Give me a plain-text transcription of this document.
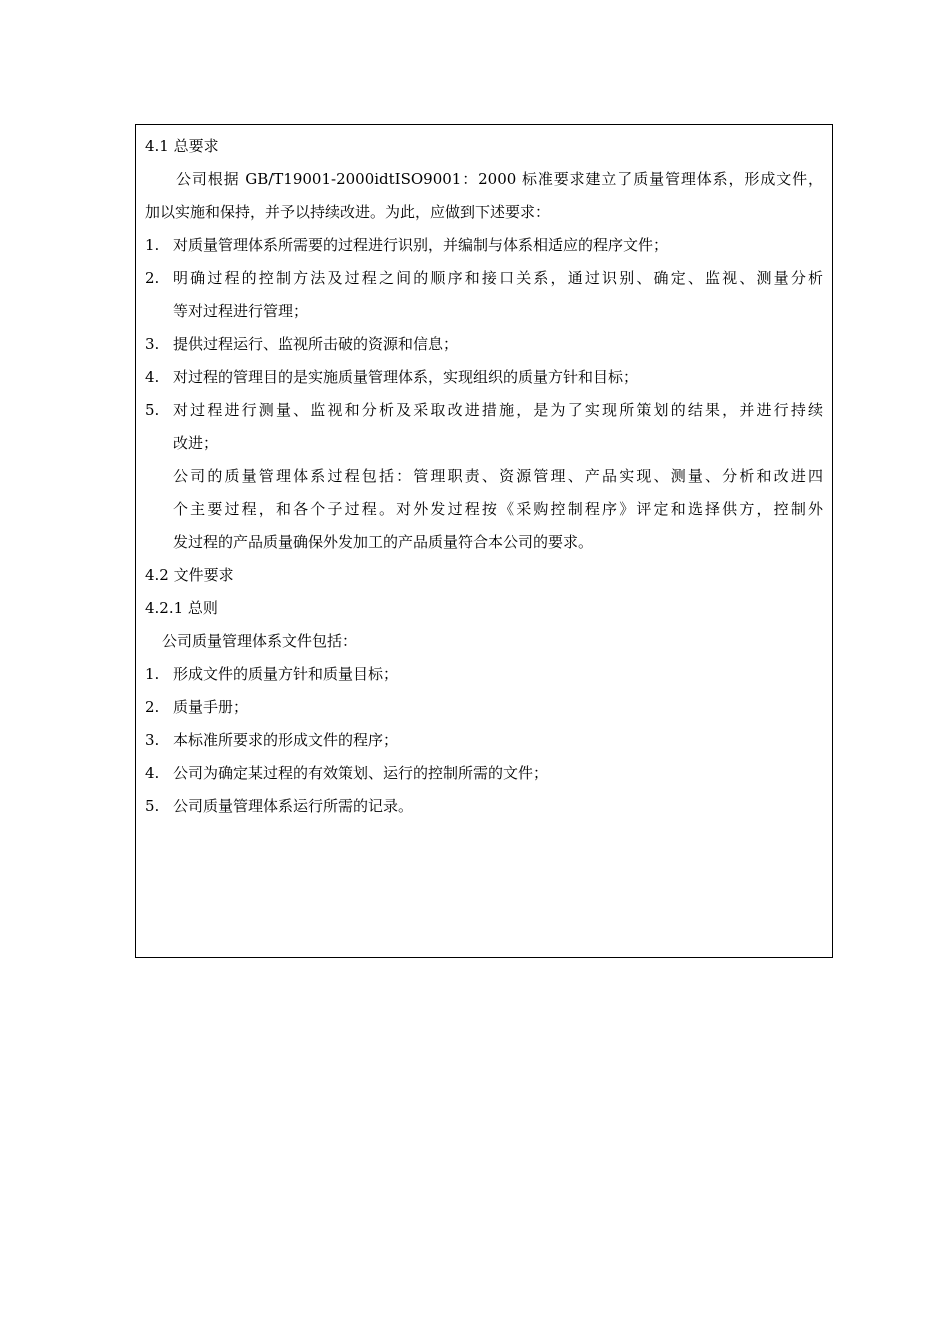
4.1 总要求
公司根据 GB/T19001-2000idtISO9001：2000 标准要求建立了质量管理体系，形成文件，
加以实施和保持，并予以持续改进。为此，应做到下述要求：
1. 对质量管理体系所需要的过程进行识别，并编制与体系相适应的程序文件；
2. 明确过程的控制方法及过程之间的顺序和接口关系，通过识别、确定、监视、测量分析
等对过程进行管理；
3. 提供过程运行、监视所击破的资源和信息；
4. 对过程的管理目的是实施质量管理体系，实现组织的质量方针和目标；
5. 对过程进行测量、监视和分析及采取改进措施，是为了实现所策划的结果，并进行持续
改进；
公司的质量管理体系过程包括：管理职责、资源管理、产品实现、测量、分析和改进四
个主要过程，和各个子过程。对外发过程按《采购控制程序》评定和选择供方，控制外
发过程的产品质量确保外发加工的产品质量符合本公司的要求。
4.2 文件要求
4.2.1 总则
公司质量管理体系文件包括：
1. 形成文件的质量方针和质量目标；
2. 质量手册；
3. 本标准所要求的形成文件的程序；
4. 公司为确定某过程的有效策划、运行的控制所需的文件；
5. 公司质量管理体系运行所需的记录。
